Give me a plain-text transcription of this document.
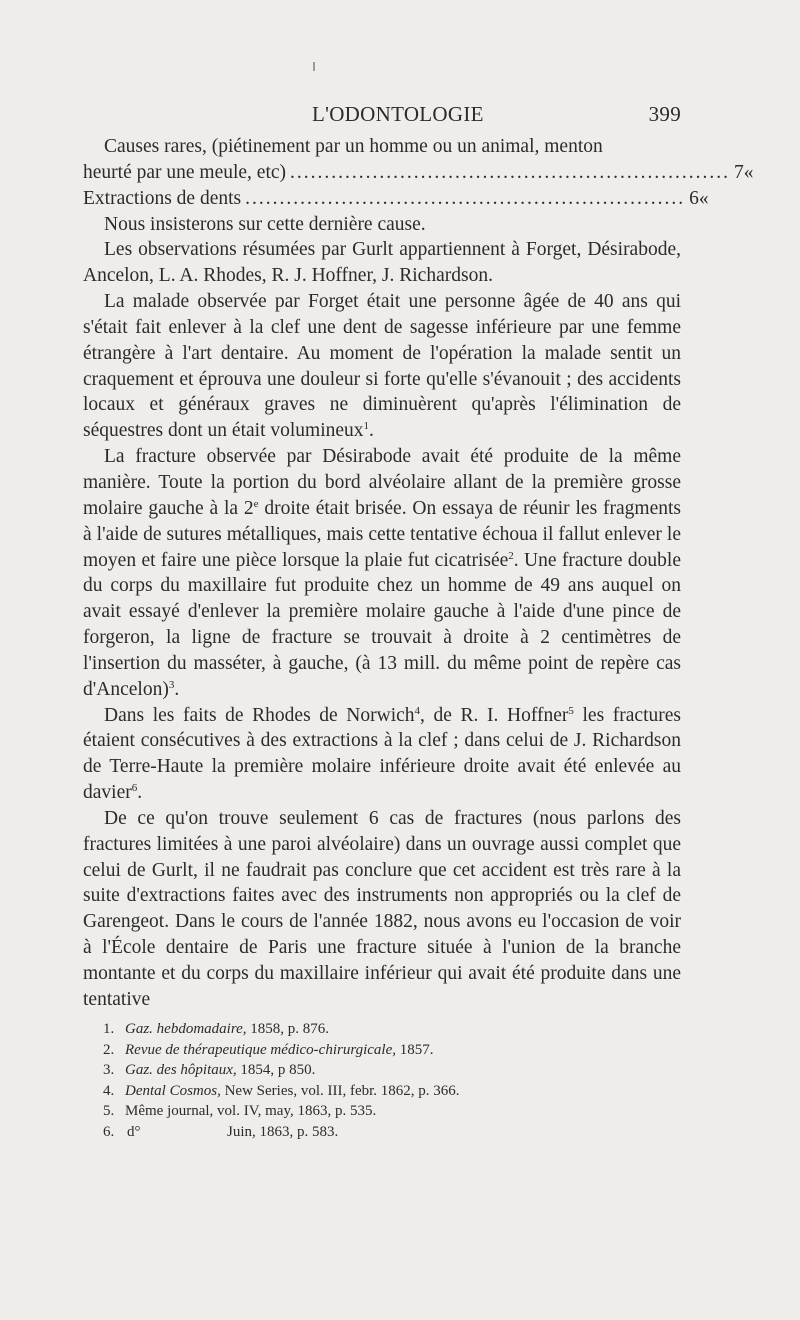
L'ODONTOLOGIE	399

Causes rares, (piétinement par un homme ou un animal, menton

heurté par une meule, etc) ................................................................ 7 «
Extractions de dents ................................................................ 6 «

Nous insisterons sur cette dernière cause.

Les observations résumées par Gurlt appartiennent à Forget, Désirabode, Ancelon, L. A. Rhodes, R. J. Hoffner, J. Richardson.

La malade observée par Forget était une personne âgée de 40 ans qui s'était fait enlever à la clef une dent de sagesse inférieure par une femme étrangère à l'art dentaire. Au moment de l'opération la malade sentit un craquement et éprouva une douleur si forte qu'elle s'évanouit ; des accidents locaux et généraux graves ne diminuèrent qu'après l'élimination de séquestres dont un était volumineux$^1$.

La fracture observée par Désirabode avait été produite de la même manière. Toute la portion du bord alvéolaire allant de la première grosse molaire gauche à la 2e droite était brisée. On essaya de réunir les fragments à l'aide de sutures métalliques, mais cette tentative échoua il fallut enlever le moyen et faire une pièce lorsque la plaie fut cicatrisée$^2$. Une fracture double du corps du maxillaire fut produite chez un homme de 49 ans auquel on avait essayé d'enlever la première molaire gauche à l'aide d'une pince de forgeron, la ligne de fracture se trouvait à droite à 2 centimètres de l'insertion du masséter, à gauche, (à 13 mill. du même point de repère cas d'Ancelon)$^3$.

Dans les faits de Rhodes de Norwich$^4$, de R. I. Hoffner$^5$ les fractures étaient consécutives à des extractions à la clef ; dans celui de J. Richardson de Terre-Haute la première molaire inférieure droite avait été enlevée au davier$^6$.

De ce qu'on trouve seulement 6 cas de fractures (nous parlons des fractures limitées à une paroi alvéolaire) dans un ouvrage aussi complet que celui de Gurlt, il ne faudrait pas conclure que cet accident est très rare à la suite d'extractions faites avec des instruments non appropriés ou la clef de Garengeot. Dans le cours de l'année 1882, nous avons eu l'occasion de voir à l'École dentaire de Paris une fracture située à l'union de la branche montante et du corps du maxillaire inférieur qui avait été produite dans une tentative

1. Gaz. hebdomadaire, 1858, p. 876.
2. Revue de thérapeutique médico-chirurgicale, 1857.
3. Gaz. des hôpitaux, 1854, p 850.
4. Dental Cosmos, New Series, vol. III, febr. 1862, p. 366.
5. Même journal, vol. IV, may, 1863, p. 535.
6. d°	Juin, 1863, p. 583.
